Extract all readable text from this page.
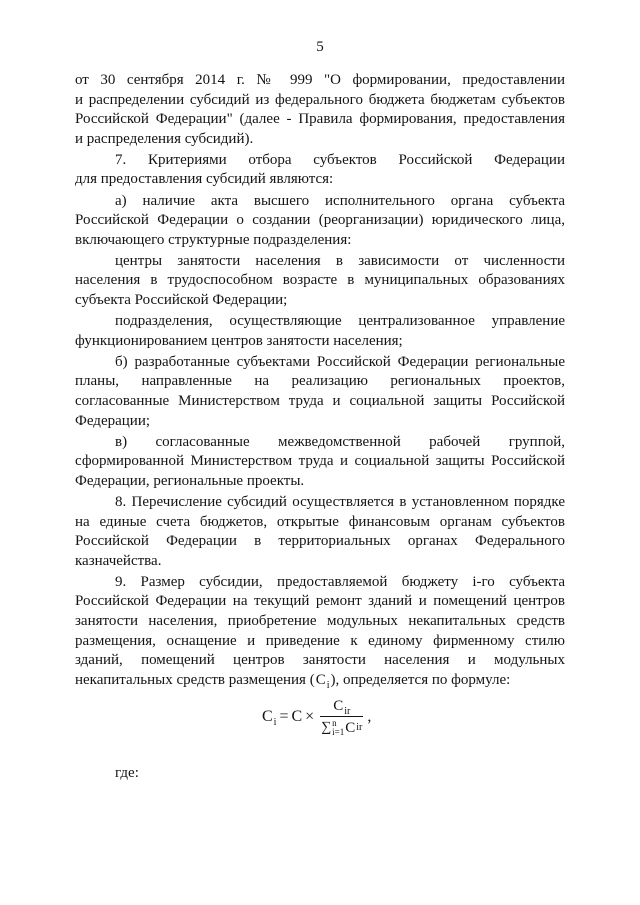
5
от 30 сентября 2014 г. № 999 "О формировании, предоставлении
и распределении субсидий из федерального бюджета бюджетам субъектов
Российской Федерации" (далее - Правила формирования, предоставления
и распределения субсидий).
7. Критериями отбора субъектов Российской Федерации
для предоставления субсидий являются:
а) наличие акта высшего исполнительного органа субъекта
Российской Федерации о создании (реорганизации) юридического лица,
включающего структурные подразделения:
центры занятости населения в зависимости от численности
населения в трудоспособном возрасте в муниципальных образованиях
субъекта Российской Федерации;
подразделения, осуществляющие централизованное управление
функционированием центров занятости населения;
б) разработанные субъектами Российской Федерации региональные
планы, направленные на реализацию региональных проектов,
согласованные Министерством труда и социальной защиты Российской
Федерации;
в) согласованные межведомственной рабочей группой,
сформированной Министерством труда и социальной защиты Российской
Федерации, региональные проекты.
8. Перечисление субсидий осуществляется в установленном порядке
на единые счета бюджетов, открытые финансовым органам субъектов
Российской Федерации в территориальных органах Федерального
казначейства.
9. Размер субсидии, предоставляемой бюджету i-го субъекта
Российской Федерации на текущий ремонт зданий и помещений центров
занятости населения, приобретение модульных некапитальных средств
размещения, оснащение и приведение к единому фирменному стилю
зданий, помещений центров занятости населения и модульных
некапитальных средств размещения $(C_i)$, определяется по формуле:
$C_i = C \times C_{ir}$
∑ n
i=1 C ir ,
где:
